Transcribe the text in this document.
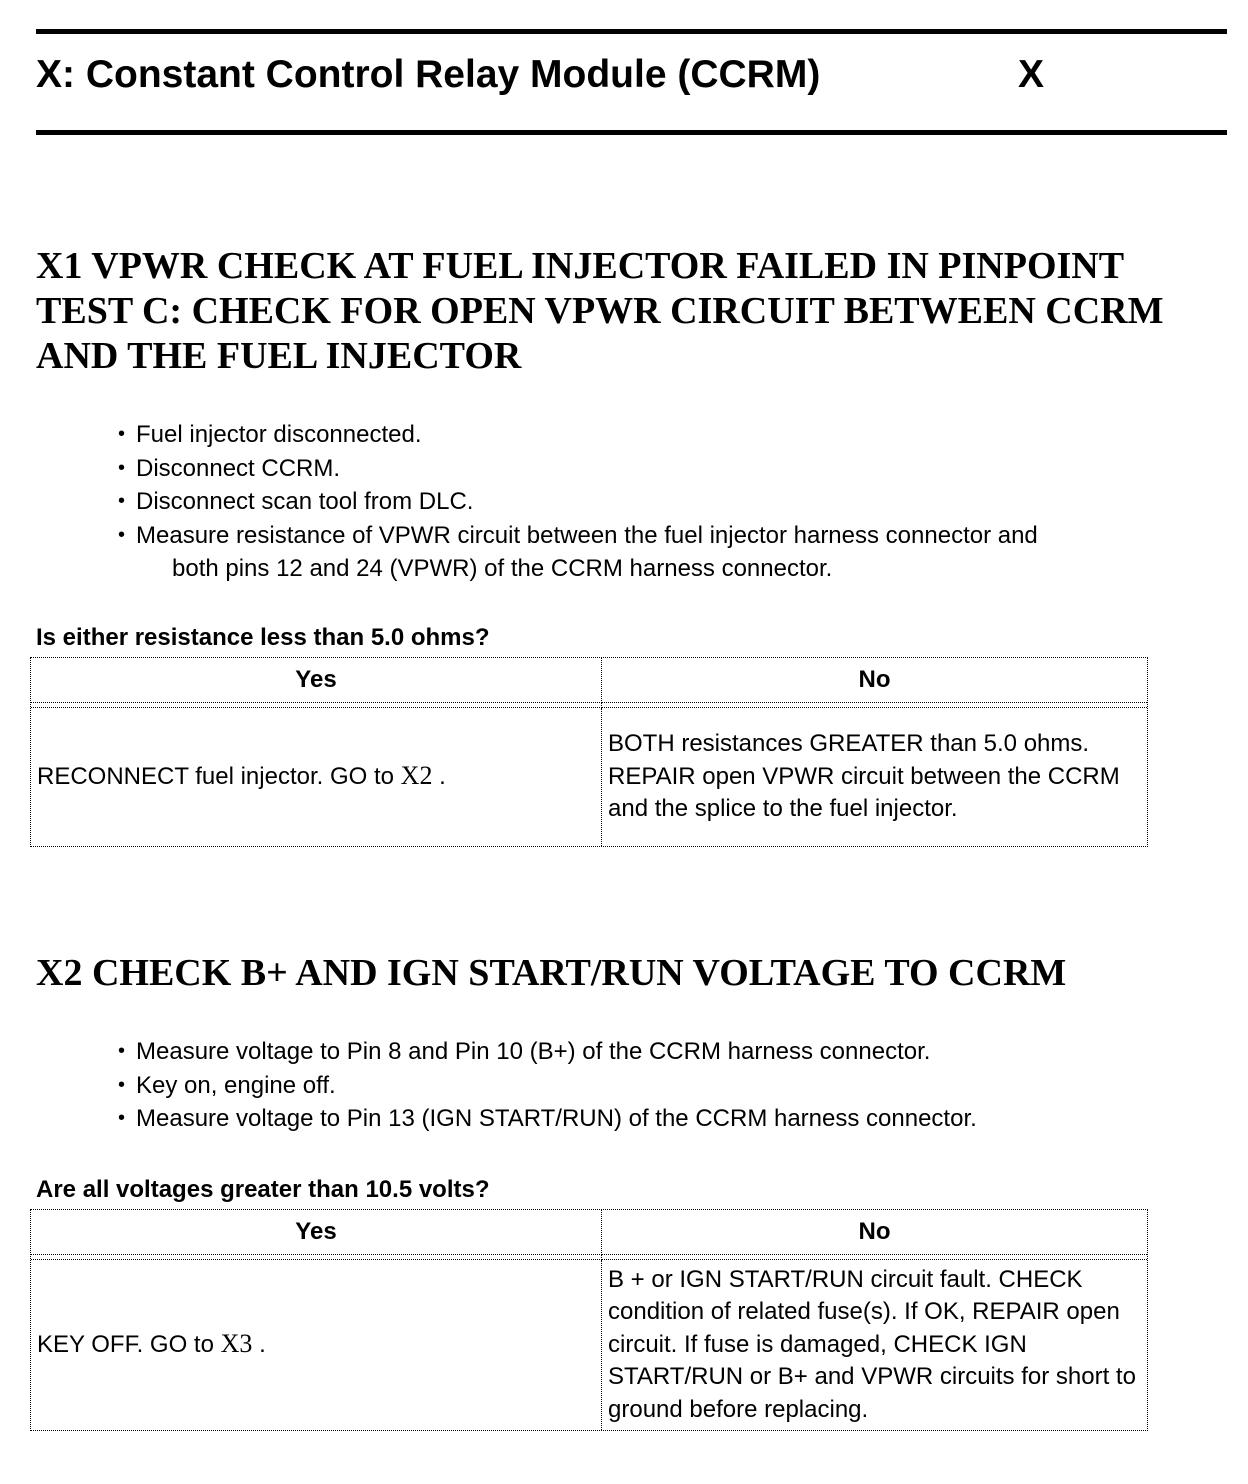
X: Constant Control Relay Module (CCRM)	X
X1 VPWR CHECK AT FUEL INJECTOR FAILED IN PINPOINT TEST C: CHECK FOR OPEN VPWR CIRCUIT BETWEEN CCRM AND THE FUEL INJECTOR
• Fuel injector disconnected.
• Disconnect CCRM.
• Disconnect scan tool from DLC.
• Measure resistance of VPWR circuit between the fuel injector harness connector and
both pins 12 and 24 (VPWR) of the CCRM harness connector.
Is either resistance less than 5.0 ohms?
Yes	No

RECONNECT fuel injector. GO to X2 .	BOTH resistances GREATER than 5.0 ohms. REPAIR open VPWR circuit between the CCRM and the splice to the fuel injector.
X2 CHECK B+ AND IGN START/RUN VOLTAGE TO CCRM
• Measure voltage to Pin 8 and Pin 10 (B+) of the CCRM harness connector.
• Key on, engine off.
• Measure voltage to Pin 13 (IGN START/RUN) of the CCRM harness connector.
Are all voltages greater than 10.5 volts?
Yes	No

KEY OFF. GO to X3 .	B + or IGN START/RUN circuit fault. CHECK condition of related fuse(s). If OK, REPAIR open circuit. If fuse is damaged, CHECK IGN START/RUN or B+ and VPWR circuits for short to ground before replacing.
